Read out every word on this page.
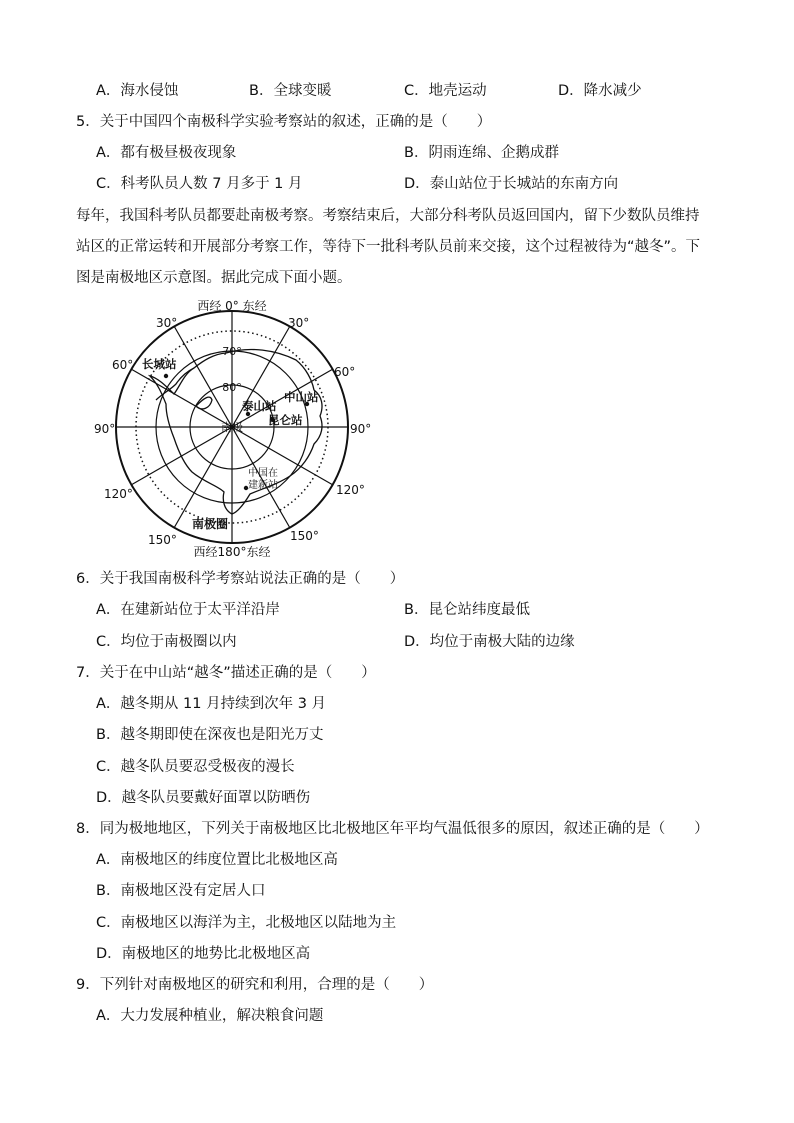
A．海水侵蚀	B．全球变暖	C．地壳运动	D．降水减少
5．关于中国四个南极科学实验考察站的叙述，正确的是（　　）
A．都有极昼极夜现象	B．阴雨连绵、企鹅成群
C．科考队员人数 7 月多于 1 月	D．泰山站位于长城站的东南方向
每年，我国科考队员都要赴南极考察。考察结束后，大部分科考队员返回国内，留下少数队员维持
站区的正常运转和开展部分考察工作，等待下一批科考队员前来交接，这个过程被待为“越冬”。下
图是南极地区示意图。据此完成下面小题。
西经 0° 东经
西经180°东经
30°	30°
60°	60°
90°	90°
120°	120°
150°	150°
70°
80°
南极
南极圈
长城站
中山站
泰山站
昆仑站
中国在
建新站
6．关于我国南极科学考察站说法正确的是（　　）
A．在建新站位于太平洋沿岸	B．昆仑站纬度最低
C．均位于南极圈以内	D．均位于南极大陆的边缘
7．关于在中山站“越冬”描述正确的是（　　）
A．越冬期从 11 月持续到次年 3 月
B．越冬期即使在深夜也是阳光万丈
C．越冬队员要忍受极夜的漫长
D．越冬队员要戴好面罩以防晒伤
8．同为极地地区，下列关于南极地区比北极地区年平均气温低很多的原因，叙述正确的是（　　）
A．南极地区的纬度位置比北极地区高
B．南极地区没有定居人口
C．南极地区以海洋为主，北极地区以陆地为主
D．南极地区的地势比北极地区高
9．下列针对南极地区的研究和利用，合理的是（　　）
A．大力发展种植业，解决粮食问题
